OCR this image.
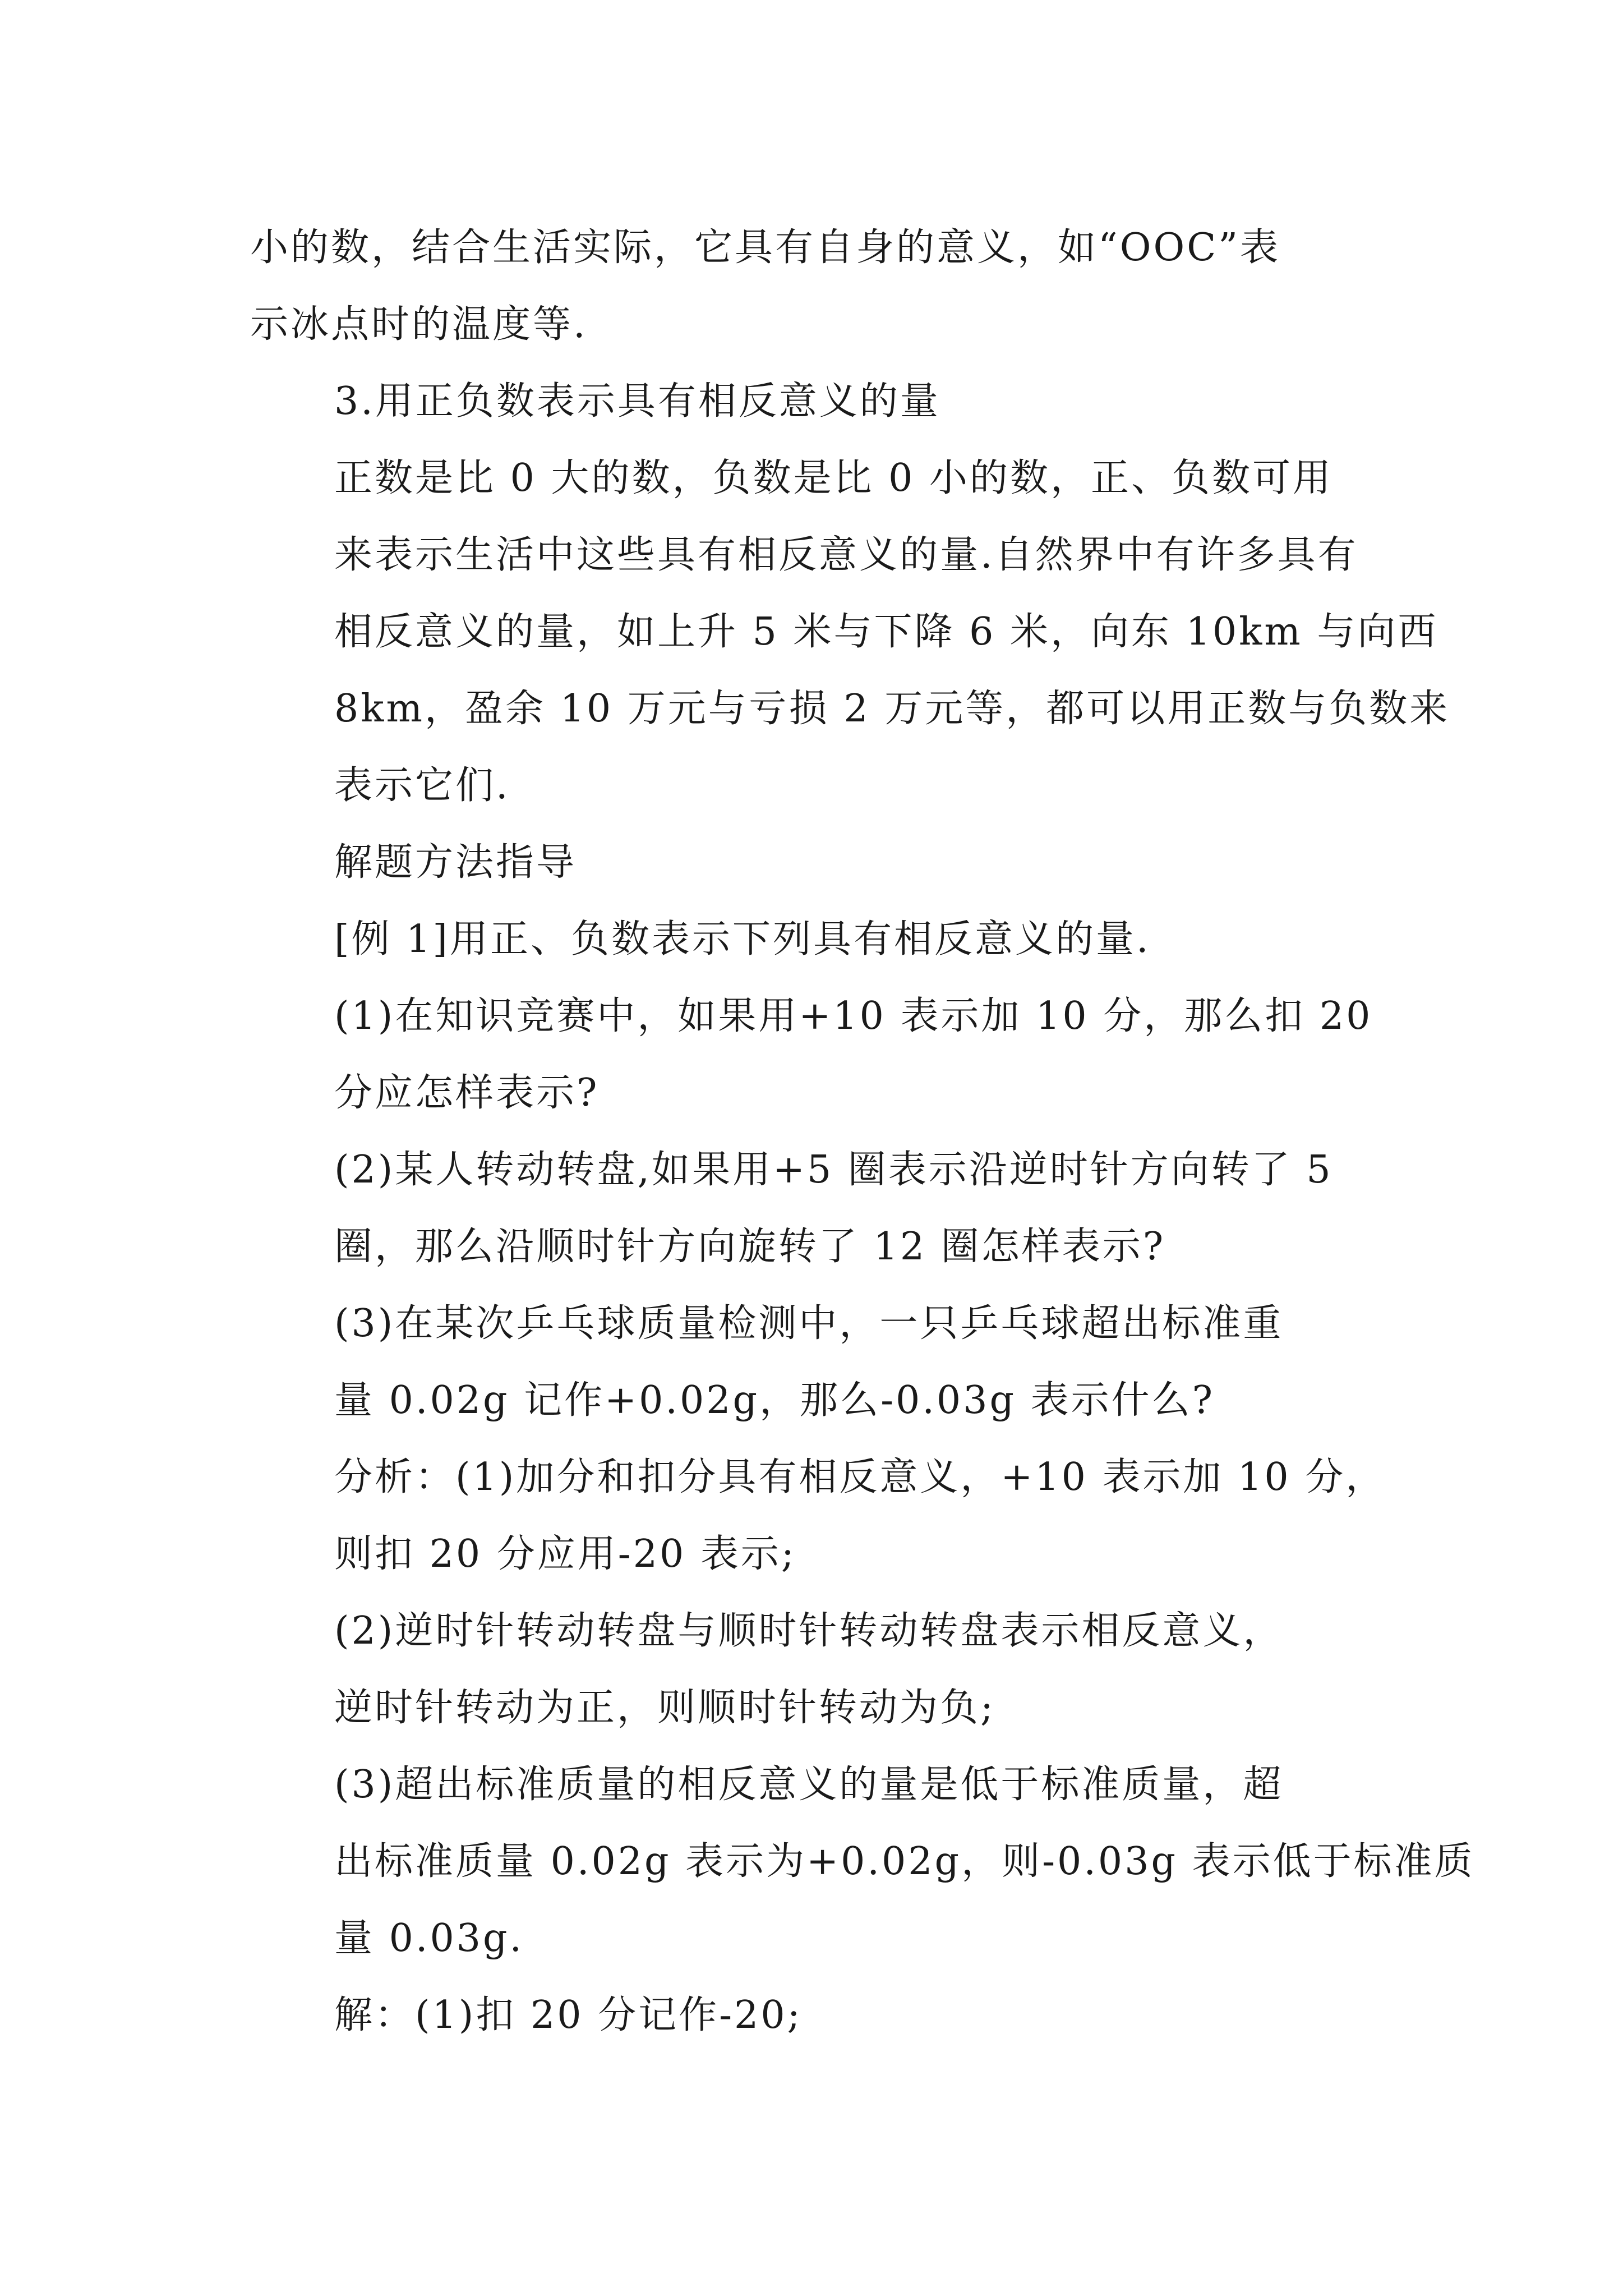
小的数，结合生活实际，它具有自身的意义，如“OOC”表
示冰点时的温度等.

3.用正负数表示具有相反意义的量

正数是比 0 大的数，负数是比 0 小的数，正、负数可用
来表示生活中这些具有相反意义的量.自然界中有许多具有
相反意义的量，如上升 5 米与下降 6 米，向东 10km 与向西
8km，盈余 10 万元与亏损 2 万元等，都可以用正数与负数来
表示它们.

解题方法指导

[例 1]用正、负数表示下列具有相反意义的量.

(1)在知识竞赛中，如果用+10 表示加 10 分，那么扣 20
分应怎样表示?

(2)某人转动转盘,如果用+5 圈表示沿逆时针方向转了 5
圈，那么沿顺时针方向旋转了 12 圈怎样表示?

(3)在某次乒乓球质量检测中，一只乒乓球超出标准重
量 0.02g 记作+0.02g，那么-0.03g 表示什么?

分析：(1)加分和扣分具有相反意义，+10 表示加 10 分，
则扣 20 分应用-20 表示;

(2)逆时针转动转盘与顺时针转动转盘表示相反意义，
逆时针转动为正，则顺时针转动为负;

(3)超出标准质量的相反意义的量是低于标准质量，超
出标准质量 0.02g 表示为+0.02g，则-0.03g 表示低于标准质
量 0.03g.

解：(1)扣 20 分记作-20;
